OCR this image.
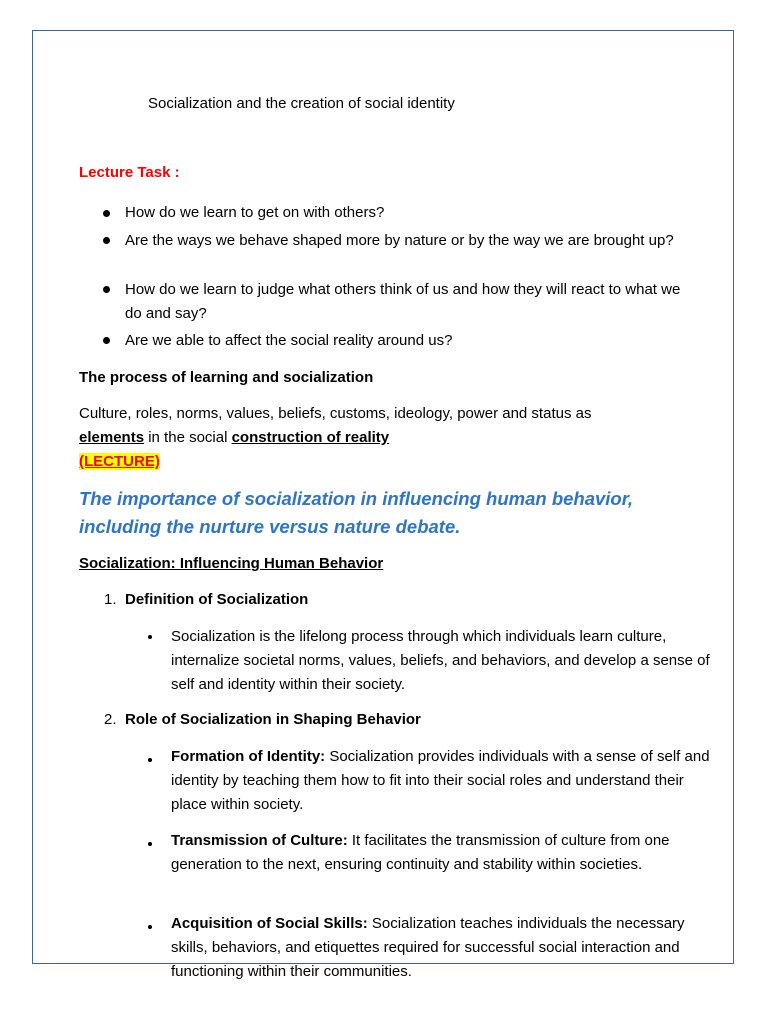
Socialization and the creation of social identity
Lecture Task :
How do we learn to get on with others?
Are the ways we behave shaped more by nature or by the way we are brought up?
How do we learn to judge what others think of us and how they will react to what we do and say?
Are we able to affect the social reality around us?
The process of learning and socialization
Culture, roles, norms, values, beliefs, customs, ideology, power and status as
elements in the social construction of reality
(LECTURE)
The importance of socialization in influencing human behavior, including the nurture versus nature debate.
Socialization: Influencing Human Behavior
1. Definition of Socialization
Socialization is the lifelong process through which individuals learn culture, internalize societal norms, values, beliefs, and behaviors, and develop a sense of self and identity within their society.
2. Role of Socialization in Shaping Behavior
Formation of Identity: Socialization provides individuals with a sense of self and identity by teaching them how to fit into their social roles and understand their place within society.
Transmission of Culture: It facilitates the transmission of culture from one generation to the next, ensuring continuity and stability within societies.
Acquisition of Social Skills: Socialization teaches individuals the necessary skills, behaviors, and etiquettes required for successful social interaction and functioning within their communities.
